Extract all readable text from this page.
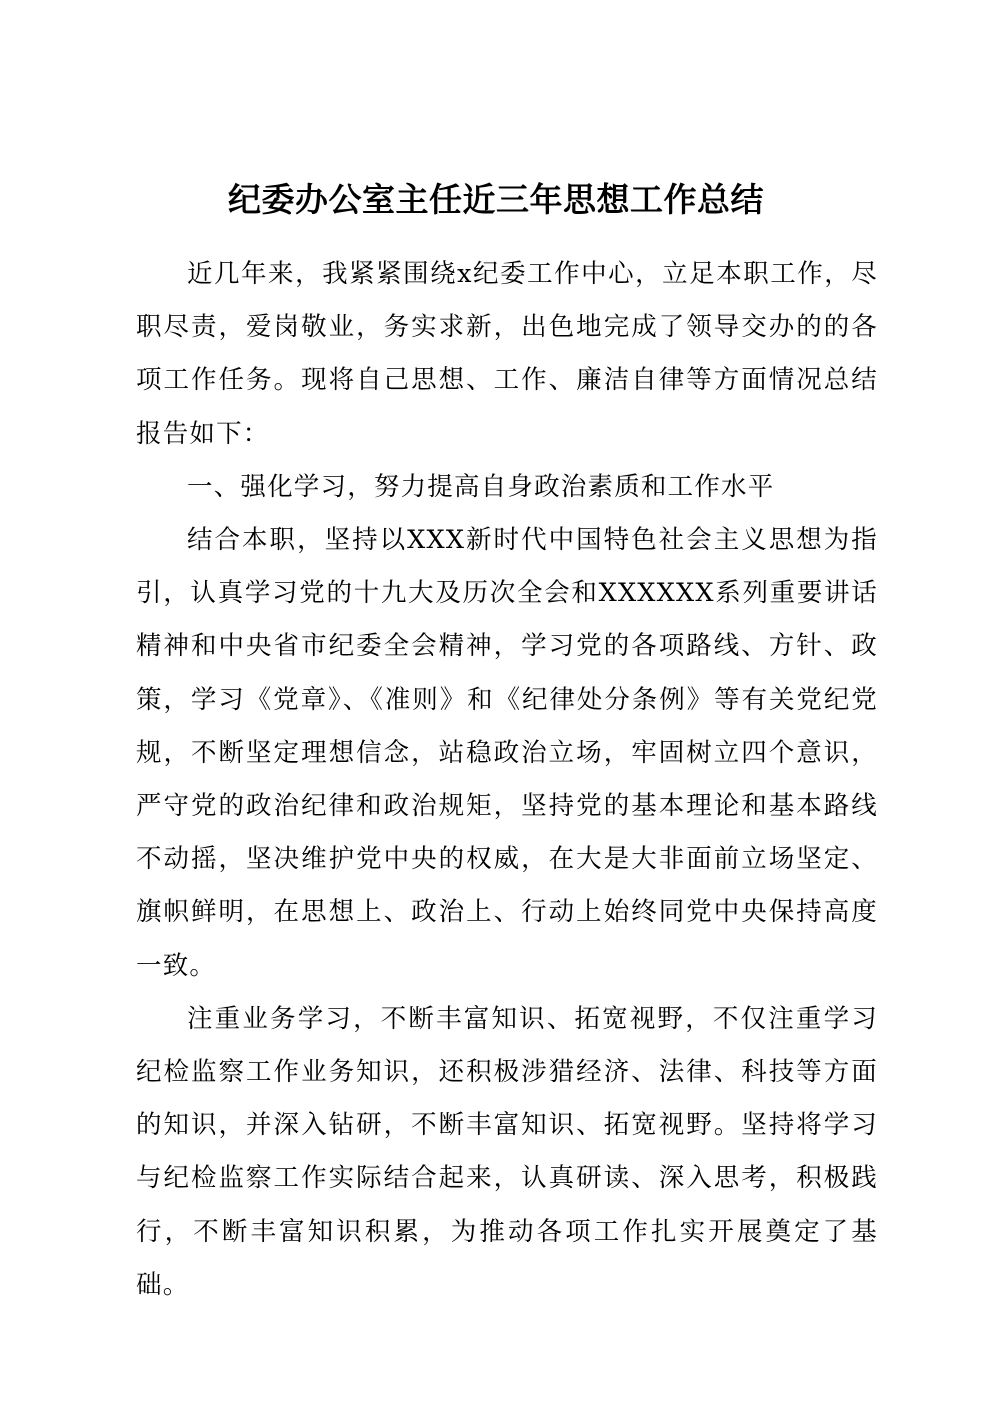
纪委办公室主任近三年思想工作总结

近几年来，我紧紧围绕x纪委工作中心，立足本职工作，尽职尽责，爱岗敬业，务实求新，出色地完成了领导交办的的各项工作任务。现将自己思想、工作、廉洁自律等方面情况总结报告如下：

一、强化学习，努力提高自身政治素质和工作水平

结合本职，坚持以XXX新时代中国特色社会主义思想为指引，认真学习党的十九大及历次全会和XXXXXX系列重要讲话精神和中央省市纪委全会精神，学习党的各项路线、方针、政策，学习《党章》、《准则》和《纪律处分条例》等有关党纪党规，不断坚定理想信念，站稳政治立场，牢固树立四个意识，严守党的政治纪律和政治规矩，坚持党的基本理论和基本路线不动摇，坚决维护党中央的权威，在大是大非面前立场坚定、旗帜鲜明，在思想上、政治上、行动上始终同党中央保持高度一致。

注重业务学习，不断丰富知识、拓宽视野，不仅注重学习纪检监察工作业务知识，还积极涉猎经济、法律、科技等方面的知识，并深入钻研，不断丰富知识、拓宽视野。坚持将学习与纪检监察工作实际结合起来，认真研读、深入思考，积极践行，不断丰富知识积累，为推动各项工作扎实开展奠定了基础。
